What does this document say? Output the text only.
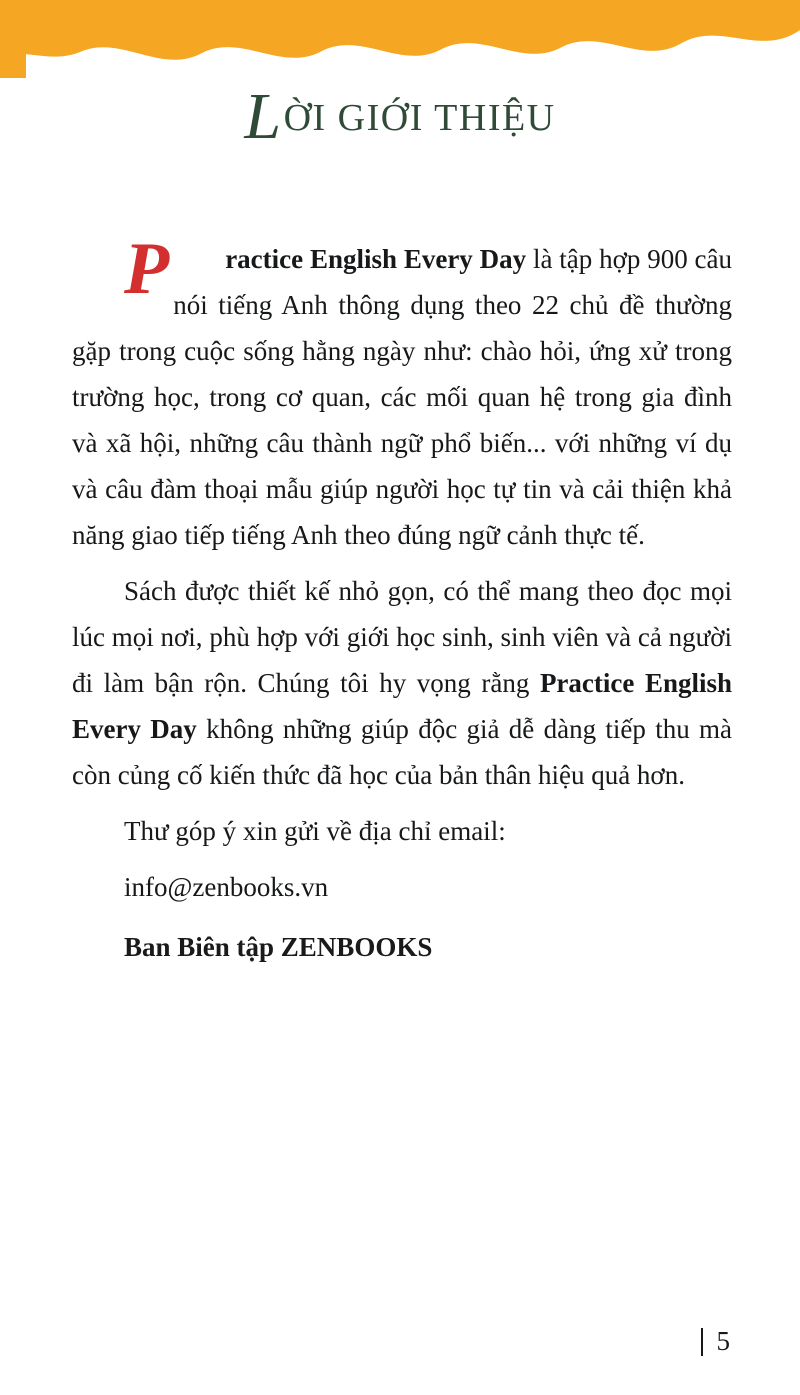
LỜI GIỚI THIỆU

P ractice English Every Day là tập hợp 900 câu nói tiếng Anh thông dụng theo 22 chủ đề thường gặp trong cuộc sống hằng ngày như: chào hỏi, ứng xử trong trường học, trong cơ quan, các mối quan hệ trong gia đình và xã hội, những câu thành ngữ phổ biến... với những ví dụ và câu đàm thoại mẫu giúp người học tự tin và cải thiện khả năng giao tiếp tiếng Anh theo đúng ngữ cảnh thực tế.

Sách được thiết kế nhỏ gọn, có thể mang theo đọc mọi lúc mọi nơi, phù hợp với giới học sinh, sinh viên và cả người đi làm bận rộn. Chúng tôi hy vọng rằng Practice English Every Day không những giúp độc giả dễ dàng tiếp thu mà còn củng cố kiến thức đã học của bản thân hiệu quả hơn.

Thư góp ý xin gửi về địa chỉ email:

info@zenbooks.vn

Ban Biên tập ZENBOOKS

5
